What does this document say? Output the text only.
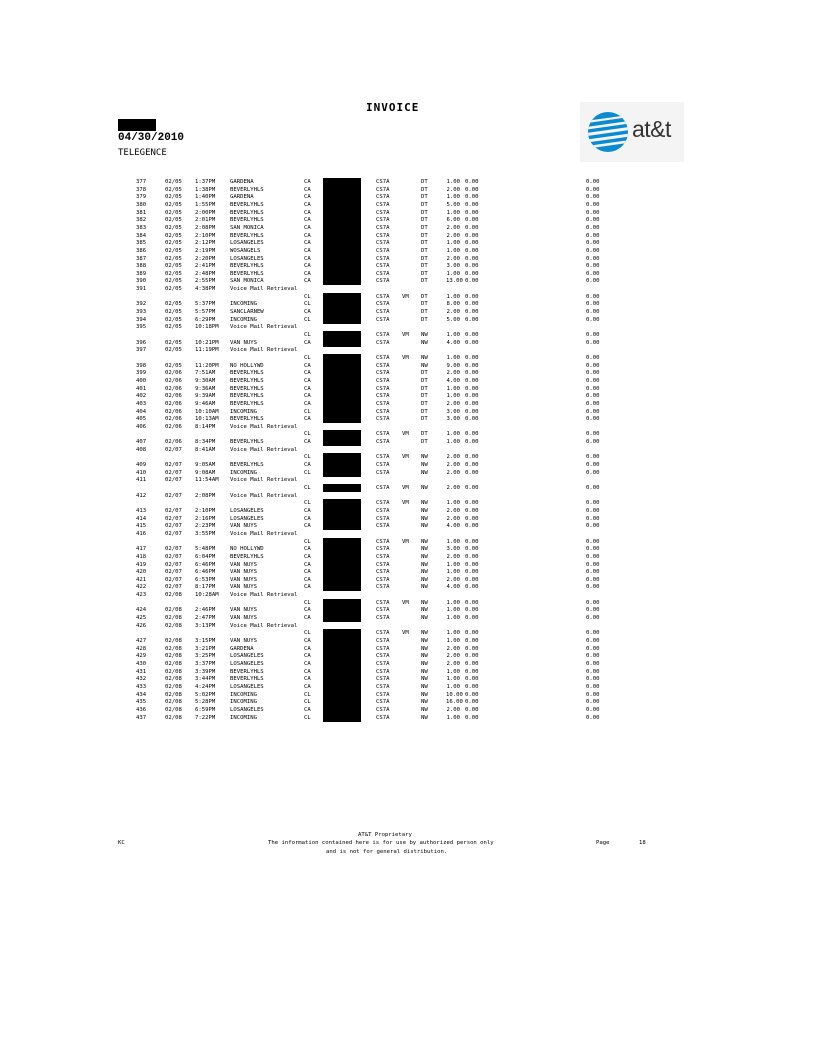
INVOICE
04/30/2010
TELEGENCE
at&t
377	02/05 1:37PM	GARDENA	CA	CS7A	DT	1.00 0.00	0.00
378	02/05 1:38PM	BEVERLYHLS	CA	CS7A	DT	2.00 0.00	0.00
379	02/05 1:40PM	GARDENA	CA	CS7A	DT	1.00 0.00	0.00
380	02/05 1:55PM	BEVERLYHLS	CA	CS7A	DT	5.00 0.00	0.00
381	02/05 2:00PM	BEVERLYHLS	CA	CS7A	DT	1.00 0.00	0.00
382	02/05 2:01PM	BEVERLYHLS	CA	CS7A	DT	6.00 0.00	0.00
383	02/05 2:08PM	SAN MONICA	CA	CS7A	DT	2.00 0.00	0.00
384	02/05 2:10PM	BEVERLYHLS	CA	CS7A	DT	2.00 0.00	0.00
385	02/05 2:12PM	LOSANGELES	CA	CS7A	DT	1.00 0.00	0.00
386	02/05 2:19PM	WOSANGELS	CA	CS7A	DT	1.00 0.00	0.00
387	02/05 2:20PM	LOSANGELES	CA	CS7A	DT	2.00 0.00	0.00
388	02/05 2:41PM	BEVERLYHLS	CA	CS7A	DT	3.00 0.00	0.00
389	02/05 2:48PM	BEVERLYHLS	CA	CS7A	DT	1.00 0.00	0.00
390	02/05 2:55PM	SAN MONICA	CA	CS7A	DT	13.00 0.00	0.00
391	02/05 4:38PM	Voice Mail Retrieval
CL	CS7A VM DT	1.00 0.00	0.00
392	02/05 5:37PM	INCOMING	CL	CS7A	DT	8.00 0.00	0.00
393	02/05 5:57PM	SANCLARNEW	CA	CS7A	DT	2.00 0.00	0.00
394	02/05 6:29PM	INCOMING	CL	CS7A	DT	5.00 0.00	0.00
395	02/05 10:18PM Voice Mail Retrieval
CL	CS7A VM NW	1.00 0.00	0.00
396	02/05 10:21PM VAN NUYS	CA	CS7A	NW	4.00 0.00	0.00
397	02/05 11:19PM Voice Mail Retrieval
CL	CS7A VM NW	1.00 0.00	0.00
398	02/05 11:20PM NO HOLLYWD	CA	CS7A	NW	9.00 0.00	0.00
399	02/06 7:51AM	BEVERLYHLS	CA	CS7A	DT	2.00 0.00	0.00
400	02/06 9:30AM	BEVERLYHLS	CA	CS7A	DT	4.00 0.00	0.00
401	02/06 9:36AM	BEVERLYHLS	CA	CS7A	DT	1.00 0.00	0.00
402	02/06 9:39AM	BEVERLYHLS	CA	CS7A	DT	1.00 0.00	0.00
403	02/06 9:46AM	BEVERLYHLS	CA	CS7A	DT	2.00 0.00	0.00
404	02/06 10:10AM INCOMING	CL	CS7A	DT	3.00 0.00	0.00
405	02/06 10:13AM BEVERLYHLS	CA	CS7A	DT	3.00 0.00	0.00
406	02/06 8:14PM	Voice Mail Retrieval
CL	CS7A VM DT	1.00 0.00	0.00
407	02/06 8:34PM	BEVERLYHLS	CA	CS7A	DT	1.00 0.00	0.00
408	02/07 8:41AM	Voice Mail Retrieval
CL	CS7A VM NW	2.00 0.00	0.00
409	02/07 9:05AM	BEVERLYHLS	CA	CS7A	NW	2.00 0.00	0.00
410	02/07 9:08AM	INCOMING	CL	CS7A	NW	2.00 0.00	0.00
411	02/07 11:54AM Voice Mail Retrieval
CL	CS7A VM NW	2.00 0.00	0.00
412	02/07 2:08PM	Voice Mail Retrieval
CL	CS7A VM NW	1.00 0.00	0.00
413	02/07 2:10PM	LOSANGELES	CA	CS7A	NW	2.00 0.00	0.00
414	02/07 2:16PM	LOSANGELES	CA	CS7A	NW	2.00 0.00	0.00
415	02/07 2:23PM	VAN NUYS	CA	CS7A	NW	4.00 0.00	0.00
416	02/07 3:55PM	Voice Mail Retrieval
CL	CS7A VM NW	1.00 0.00	0.00
417	02/07 5:48PM	NO HOLLYWD	CA	CS7A	NW	3.00 0.00	0.00
418	02/07 6:04PM	BEVERLYHLS	CA	CS7A	NW	2.00 0.00	0.00
419	02/07 6:46PM	VAN NUYS	CA	CS7A	NW	1.00 0.00	0.00
420	02/07 6:46PM	VAN NUYS	CA	CS7A	NW	1.00 0.00	0.00
421	02/07 6:53PM	VAN NUYS	CA	CS7A	NW	2.00 0.00	0.00
422	02/07 8:17PM	VAN NUYS	CA	CS7A	NW	4.00 0.00	0.00
423	02/08 10:28AM Voice Mail Retrieval
CL	CS7A VM NW	1.00 0.00	0.00
424	02/08 2:46PM	VAN NUYS	CA	CS7A	NW	1.00 0.00	0.00
425	02/08 2:47PM	VAN NUYS	CA	CS7A	NW	1.00 0.00	0.00
426	02/08 3:13PM	Voice Mail Retrieval
CL	CS7A VM NW	1.00 0.00	0.00
427	02/08 3:15PM	VAN NUYS	CA	CS7A	NW	1.00 0.00	0.00
428	02/08 3:21PM	GARDENA	CA	CS7A	NW	2.00 0.00	0.00
429	02/08 3:25PM	LOSANGELES	CA	CS7A	NW	2.00 0.00	0.00
430	02/08 3:37PM	LOSANGELES	CA	CS7A	NW	2.00 0.00	0.00
431	02/08 3:39PM	BEVERLYHLS	CA	CS7A	NW	1.00 0.00	0.00
432	02/08 3:44PM	BEVERLYHLS	CA	CS7A	NW	1.00 0.00	0.00
433	02/08 4:24PM	LOSANGELES	CA	CS7A	NW	1.00 0.00	0.00
434	02/08 5:02PM	INCOMING	CL	CS7A	NW	10.00 0.00	0.00
435	02/08 5:28PM	INCOMING	CL	CS7A	NW	16.00 0.00	0.00
436	02/08 6:59PM	LOSANGELES	CA	CS7A	NW	2.00 0.00	0.00
437	02/08 7:22PM	INCOMING	CL	CS7A	NW	1.00 0.00	0.00
KC
AT&T Proprietary
The information contained here is for use by authorized person only
and is not for general distribution.
Page	18
